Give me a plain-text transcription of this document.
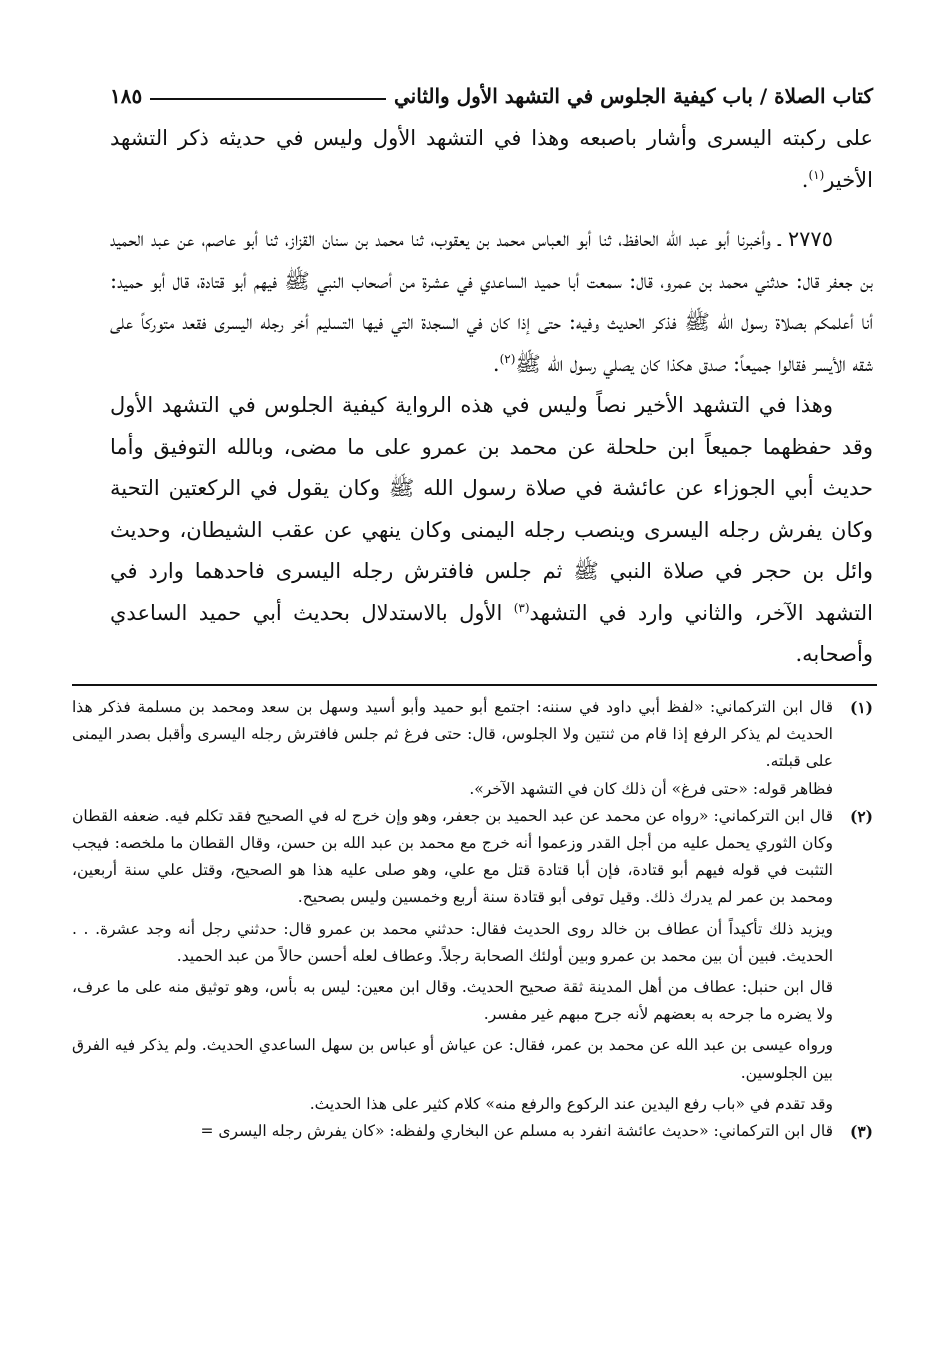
كتاب الصلاة / باب كيفية الجلوس في التشهد الأول والثاني
١٨٥

على ركبته اليسرى وأشار باصبعه وهذا في التشهد الأول وليس في حديثه ذكر التشهد الأخير$^{(١)}$.

٢٧٧٥ ـ وأخبرنا أبو عبد الله الحافظ، ثنا أبو العباس محمد بن يعقوب، ثنا محمد بن سنان القزاز، ثنا أبو عاصم، عن عبد الحميد بن جعفر قال: حدثني محمد بن عمرو، قال: سمعت أبا حميد الساعدي في عشرة من أصحاب النبي ﷺ فيهم أبو قتادة، قال أبو حميد: أنا أعلمكم بصلاة رسول الله ﷺ فذكر الحديث وفيه: حتى إذا كان في السجدة التي فيها التسليم أخر رجله اليسرى فقعد متوركاً على شقه الأيسر فقالوا جميعاً: صدق هكذا كان يصلي رسول الله ﷺ$^{(٢)}$.

وهذا في التشهد الأخير نصاً وليس في هذه الرواية كيفية الجلوس في التشهد الأول وقد حفظهما جميعاً ابن حلحلة عن محمد بن عمرو على ما مضى، وبالله التوفيق وأما حديث أبي الجوزاء عن عائشة في صلاة رسول الله ﷺ وكان يقول في الركعتين التحية وكان يفرش رجله اليسرى وينصب رجله اليمنى وكان ينهي عن عقب الشيطان، وحديث وائل بن حجر في صلاة النبي ﷺ ثم جلس فافترش رجله اليسرى فاحدهما وارد في التشهد الآخر، والثاني وارد في التشهد$^{(٣)}$ الأول بالاستدلال بحديث أبي حميد الساعدي وأصحابه.

(١)

قال ابن التركماني: «لفظ أبي داود في سننه: اجتمع أبو حميد وأبو أسيد وسهل بن سعد ومحمد بن مسلمة فذكر هذا الحديث لم يذكر الرفع إذا قام من ثنتين ولا الجلوس، قال: حتى فرغ ثم جلس فافترش رجله اليسرى وأقبل بصدر اليمنى على قبلته.

فظاهر قوله: «حتى فرغ» أن ذلك كان في التشهد الآخر».

(٢)

قال ابن التركماني: «رواه عن محمد عن عبد الحميد بن جعفر، وهو وإن خرج له في الصحيح فقد تكلم فيه. ضعفه القطان وكان الثوري يحمل عليه من أجل القدر وزعموا أنه خرج مع محمد بن عبد الله بن حسن، وقال القطان ما ملخصه: فيجب التثبت في قوله فيهم أبو قتادة، فإن أبا قتادة قتل مع علي، وهو صلى عليه هذا هو الصحيح، وقتل علي سنة أربعين، ومحمد بن عمر لم يدرك ذلك. وقيل توفى أبو قتادة سنة أربع وخمسين وليس بصحيح.

ويزيد ذلك تأكيداً أن عطاف بن خالد روى الحديث فقال: حدثني محمد بن عمرو قال: حدثني رجل أنه وجد عشرة. . . الحديث. فبين أن بين محمد بن عمرو وبين أولئك الصحابة رجلاً. وعطاف لعله أحسن حالاً من عبد الحميد.

قال ابن حنبل: عطاف من أهل المدينة ثقة صحيح الحديث. وقال ابن معين: ليس به بأس، وهو توثيق منه على ما عرف، ولا يضره ما جرحه به بعضهم لأنه جرح مبهم غير مفسر.

ورواه عيسى بن عبد الله عن محمد بن عمر، فقال: عن عياش أو عباس بن سهل الساعدي الحديث. ولم يذكر فيه الفرق بين الجلوسين.

وقد تقدم في «باب رفع اليدين عند الركوع والرفع منه» كلام كثير على هذا الحديث.

(٣)

قال ابن التركماني: «حديث عائشة انفرد به مسلم عن البخاري ولفظه: «كان يفرش رجله اليسرى =
